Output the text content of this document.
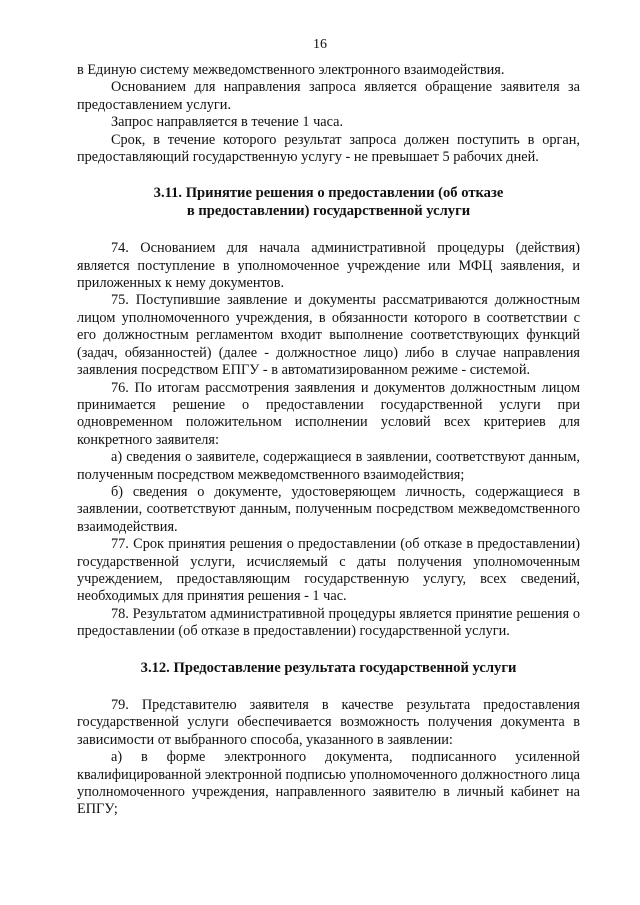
16

в Единую систему межведомственного электронного взаимодействия.

Основанием для направления запроса является обращение заявителя за предоставлением услуги.

Запрос направляется в течение 1 часа.

Срок, в течение которого результат запроса должен поступить в орган, предоставляющий государственную услугу - не превышает 5 рабочих дней.

3.11. Принятие решения о предоставлении (об отказе
в предоставлении) государственной услуги

74. Основанием для начала административной процедуры (действия) является поступление в уполномоченное учреждение или МФЦ заявления, и приложенных к нему документов.

75. Поступившие заявление и документы рассматриваются должностным лицом уполномоченного учреждения, в обязанности которого в соответствии с его должностным регламентом входит выполнение соответствующих функций (задач, обязанностей) (далее - должностное лицо) либо в случае направления заявления посредством ЕПГУ - в автоматизированном режиме - системой.

76. По итогам рассмотрения заявления и документов должностным лицом принимается решение о предоставлении государственной услуги при одновременном положительном исполнении условий всех критериев для конкретного заявителя:

а) сведения о заявителе, содержащиеся в заявлении, соответствуют данным, полученным посредством межведомственного взаимодействия;

б) сведения о документе, удостоверяющем личность, содержащиеся в заявлении, соответствуют данным, полученным посредством межведомственного взаимодействия.

77. Срок принятия решения о предоставлении (об отказе в предоставлении) государственной услуги, исчисляемый с даты получения уполномоченным учреждением, предоставляющим государственную услугу, всех сведений, необходимых для принятия решения - 1 час.

78. Результатом административной процедуры является принятие решения о предоставлении (об отказе в предоставлении) государственной услуги.

3.12. Предоставление результата государственной услуги

79. Представителю заявителя в качестве результата предоставления государственной услуги обеспечивается возможность получения документа в зависимости от выбранного способа, указанного в заявлении:

а) в форме электронного документа, подписанного усиленной квалифицированной электронной подписью уполномоченного должностного лица уполномоченного учреждения, направленного заявителю в личный кабинет на ЕПГУ;
